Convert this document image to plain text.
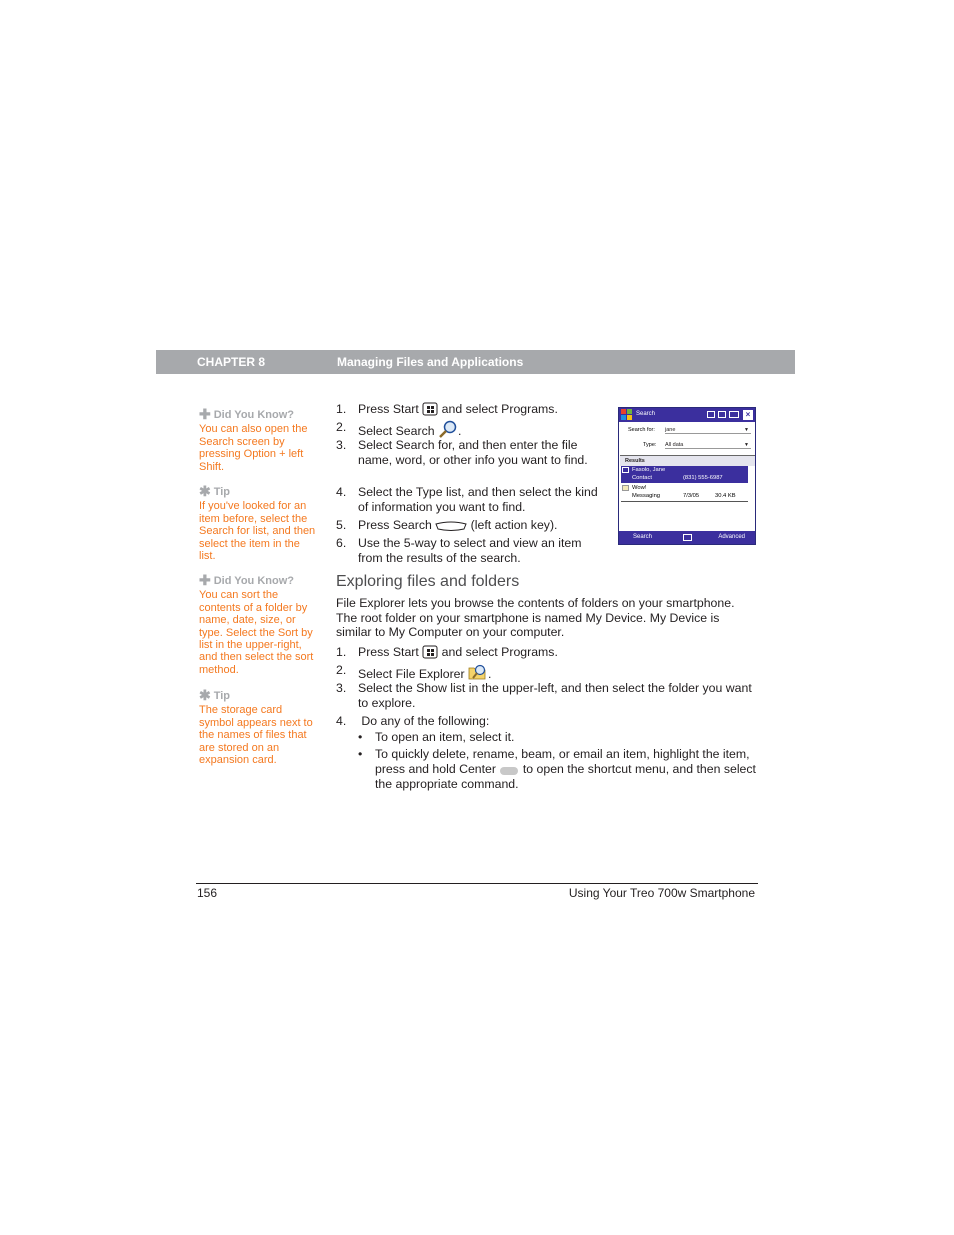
CHAPTER 8	Managing Files and Applications
✚ Did You Know?
You can also open the Search screen by pressing Option + left Shift.
✱ Tip
If you've looked for an item before, select the Search for list, and then select the item in the list.
✚ Did You Know?
You can sort the contents of a folder by name, date, size, or type. Select the Sort by list in the upper-right, and then select the sort method.
✱ Tip
The storage card symbol appears next to the names of files that are stored on an expansion card.
1. Press Start and select Programs.
2. Select Search .
3. Select Search for, and then enter the file name, word, or other info you want to find.
4. Select the Type list, and then select the kind of information you want to find.
5. Press Search	(left action key).
6. Use the 5-way to select and view an item from the results of the search.
Search	×
Search for: jane	▼
Type: All data	▼
Results
Fasolo, Jane
Contact	(831) 555-6987
Wow!
Messaging	7/3/05	30.4 KB
Search	Advanced
Exploring files and folders
File Explorer lets you browse the contents of folders on your smartphone. The root folder on your smartphone is named My Device. My Device is similar to My Computer on your computer.
1. Press Start and select Programs.
2. Select File Explorer .
3. Select the Show list in the upper-left, and then select the folder you want to explore.
4. Do any of the following:
• To open an item, select it.
• To quickly delete, rename, beam, or email an item, highlight the item, press and hold Center to open the shortcut menu, and then select the appropriate command.
156	Using Your Treo 700w Smartphone
